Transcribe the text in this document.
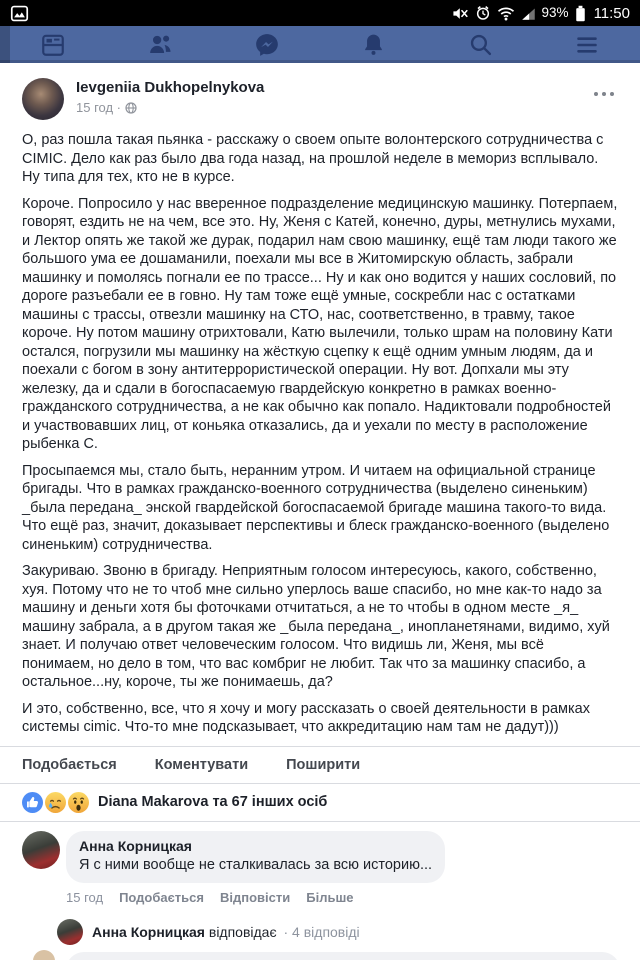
93% 11:50
Ievgeniia Dukhopelnykova
15 год ·

О, раз пошла такая пьянка - расскажу о своем опыте волонтерского сотрудничества с CIMIC. Дело как раз было два года назад, на прошлой неделе в мемориз всплывало. Ну типа для тех, кто не в курсе.

Короче. Попросило у нас вверенное подразделение медицинскую машинку. Потерпаем, говорят, ездить не на чем, все это. Ну, Женя с Катей, конечно, дуры, метнулись мухами, и Лектор опять же такой же дурак, подарил нам свою машинку, ещё там люди такого же большого ума ее дошаманили, поехали мы все в Житомирскую область, забрали машинку и помолясь погнали ее по трассе... Ну и как оно водится у наших сословий, по дороге разъебали ее в говно. Ну там тоже ещё умные, соскребли нас с остатками машины с трассы, отвезли машинку на СТО, нас, соответственно, в травму, такое короче. Ну потом машину отрихтовали, Катю вылечили, только шрам на половину Кати остался, погрузили мы машинку на жёсткую сцепку к ещё одним умным людям, да и поехали с богом в зону антитеррористической операции. Ну вот. Допхали мы эту железку, да и сдали в богоспасаемую гвардейскую конкретно в рамках военно-гражданского сотрудничества, а не как обычно как попало. Надиктовали подробностей и участвовавших лиц, от коньяка отказались, да и уехали по месту в расположение рыбенка С.

Просыпаемся мы, стало быть, неранним утром. И читаем на официальной странице бригады. Что в рамках гражданско-военного сотрудничества (выделено синеньким) _была передана_ энской гвардейской богоспасаемой бригаде машина такого-то вида. Что ещё раз, значит, доказывает перспективы и блеск гражданско-военного (выделено синеньким) сотрудничества.

Закуриваю. Звоню в бригаду. Неприятным голосом интересуюсь, какого, собственно, хуя. Потому что не то чтоб мне сильно уперлось ваше спасибо, но мне как-то надо за машину и деньги хотя бы фоточками отчитаться, а не то чтобы в одном месте _я_ машину забрала, а в другом такая же _была передана_, инопланетянами, видимо, хуй знает. И получаю ответ человеческим голосом. Что видишь ли, Женя, мы всё понимаем, но дело в том, что вас комбриг не любит. Так что за машинку спасибо, а остальное...ну, короче, ты же понимаешь, да?

И это, собственно, все, что я хочу и могу рассказать о своей деятельности в рамках системы cimic. Что-то мне подсказывает, что аккредитацию нам там не дадут)))

Подобається	Коментувати	Поширити
Diana Makarova та 67 інших осіб
Анна Корницкая
Я с ними вообще не сталкивалась за всю историю...
15 год Подобається Відповісти Більше
Анна Корницкая відповідає · 4 відповіді
